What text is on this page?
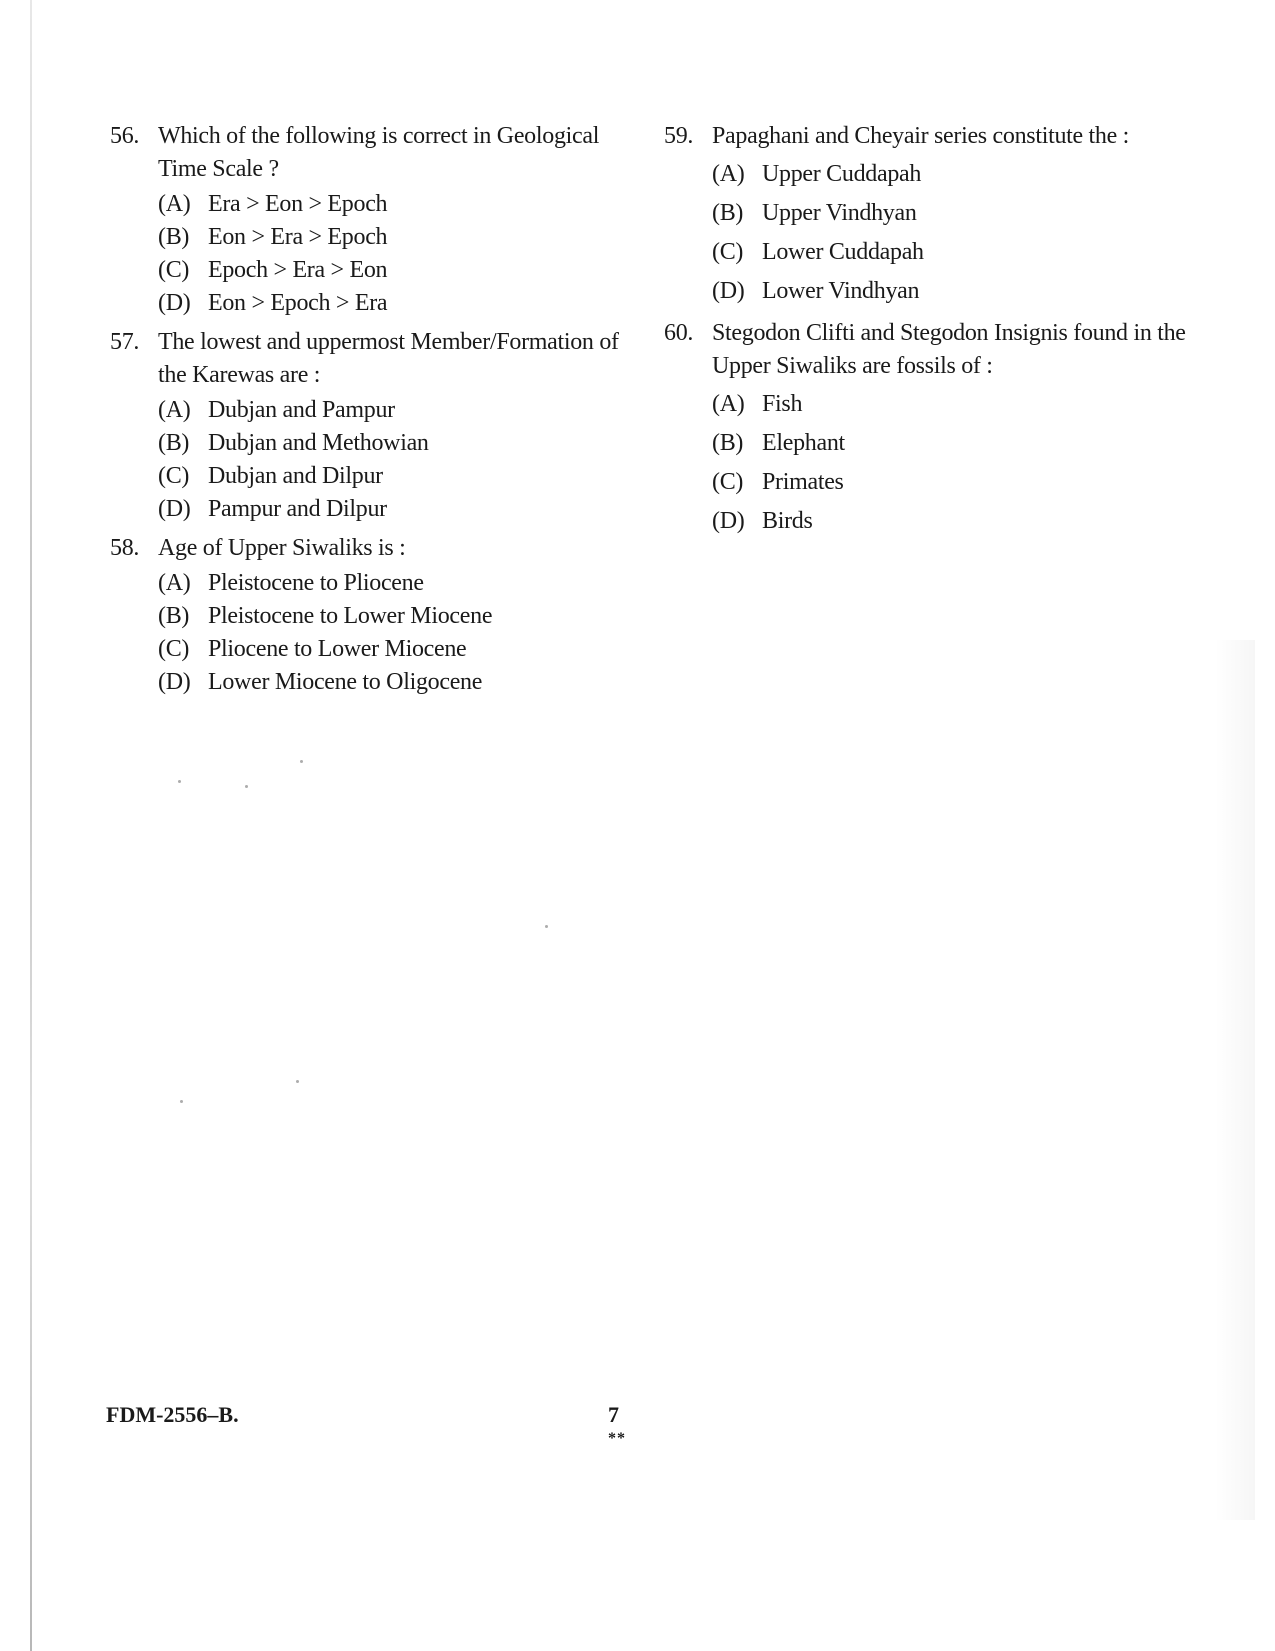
56. Which of the following is correct in Geological Time Scale ?
(A) Era > Eon > Epoch
(B) Eon > Era > Epoch
(C) Epoch > Era > Eon
(D) Eon > Epoch > Era
57. The lowest and uppermost Member/Formation of the Karewas are :
(A) Dubjan and Pampur
(B) Dubjan and Methowian
(C) Dubjan and Dilpur
(D) Pampur and Dilpur
58. Age of Upper Siwaliks is :
(A) Pleistocene to Pliocene
(B) Pleistocene to Lower Miocene
(C) Pliocene to Lower Miocene
(D) Lower Miocene to Oligocene
59. Papaghani and Cheyair series constitute the :
(A) Upper Cuddapah
(B) Upper Vindhyan
(C) Lower Cuddapah
(D) Lower Vindhyan
60. Stegodon Clifti and Stegodon Insignis found in the Upper Siwaliks are fossils of :
(A) Fish
(B) Elephant
(C) Primates
(D) Birds
FDM-2556–B.	7
**
